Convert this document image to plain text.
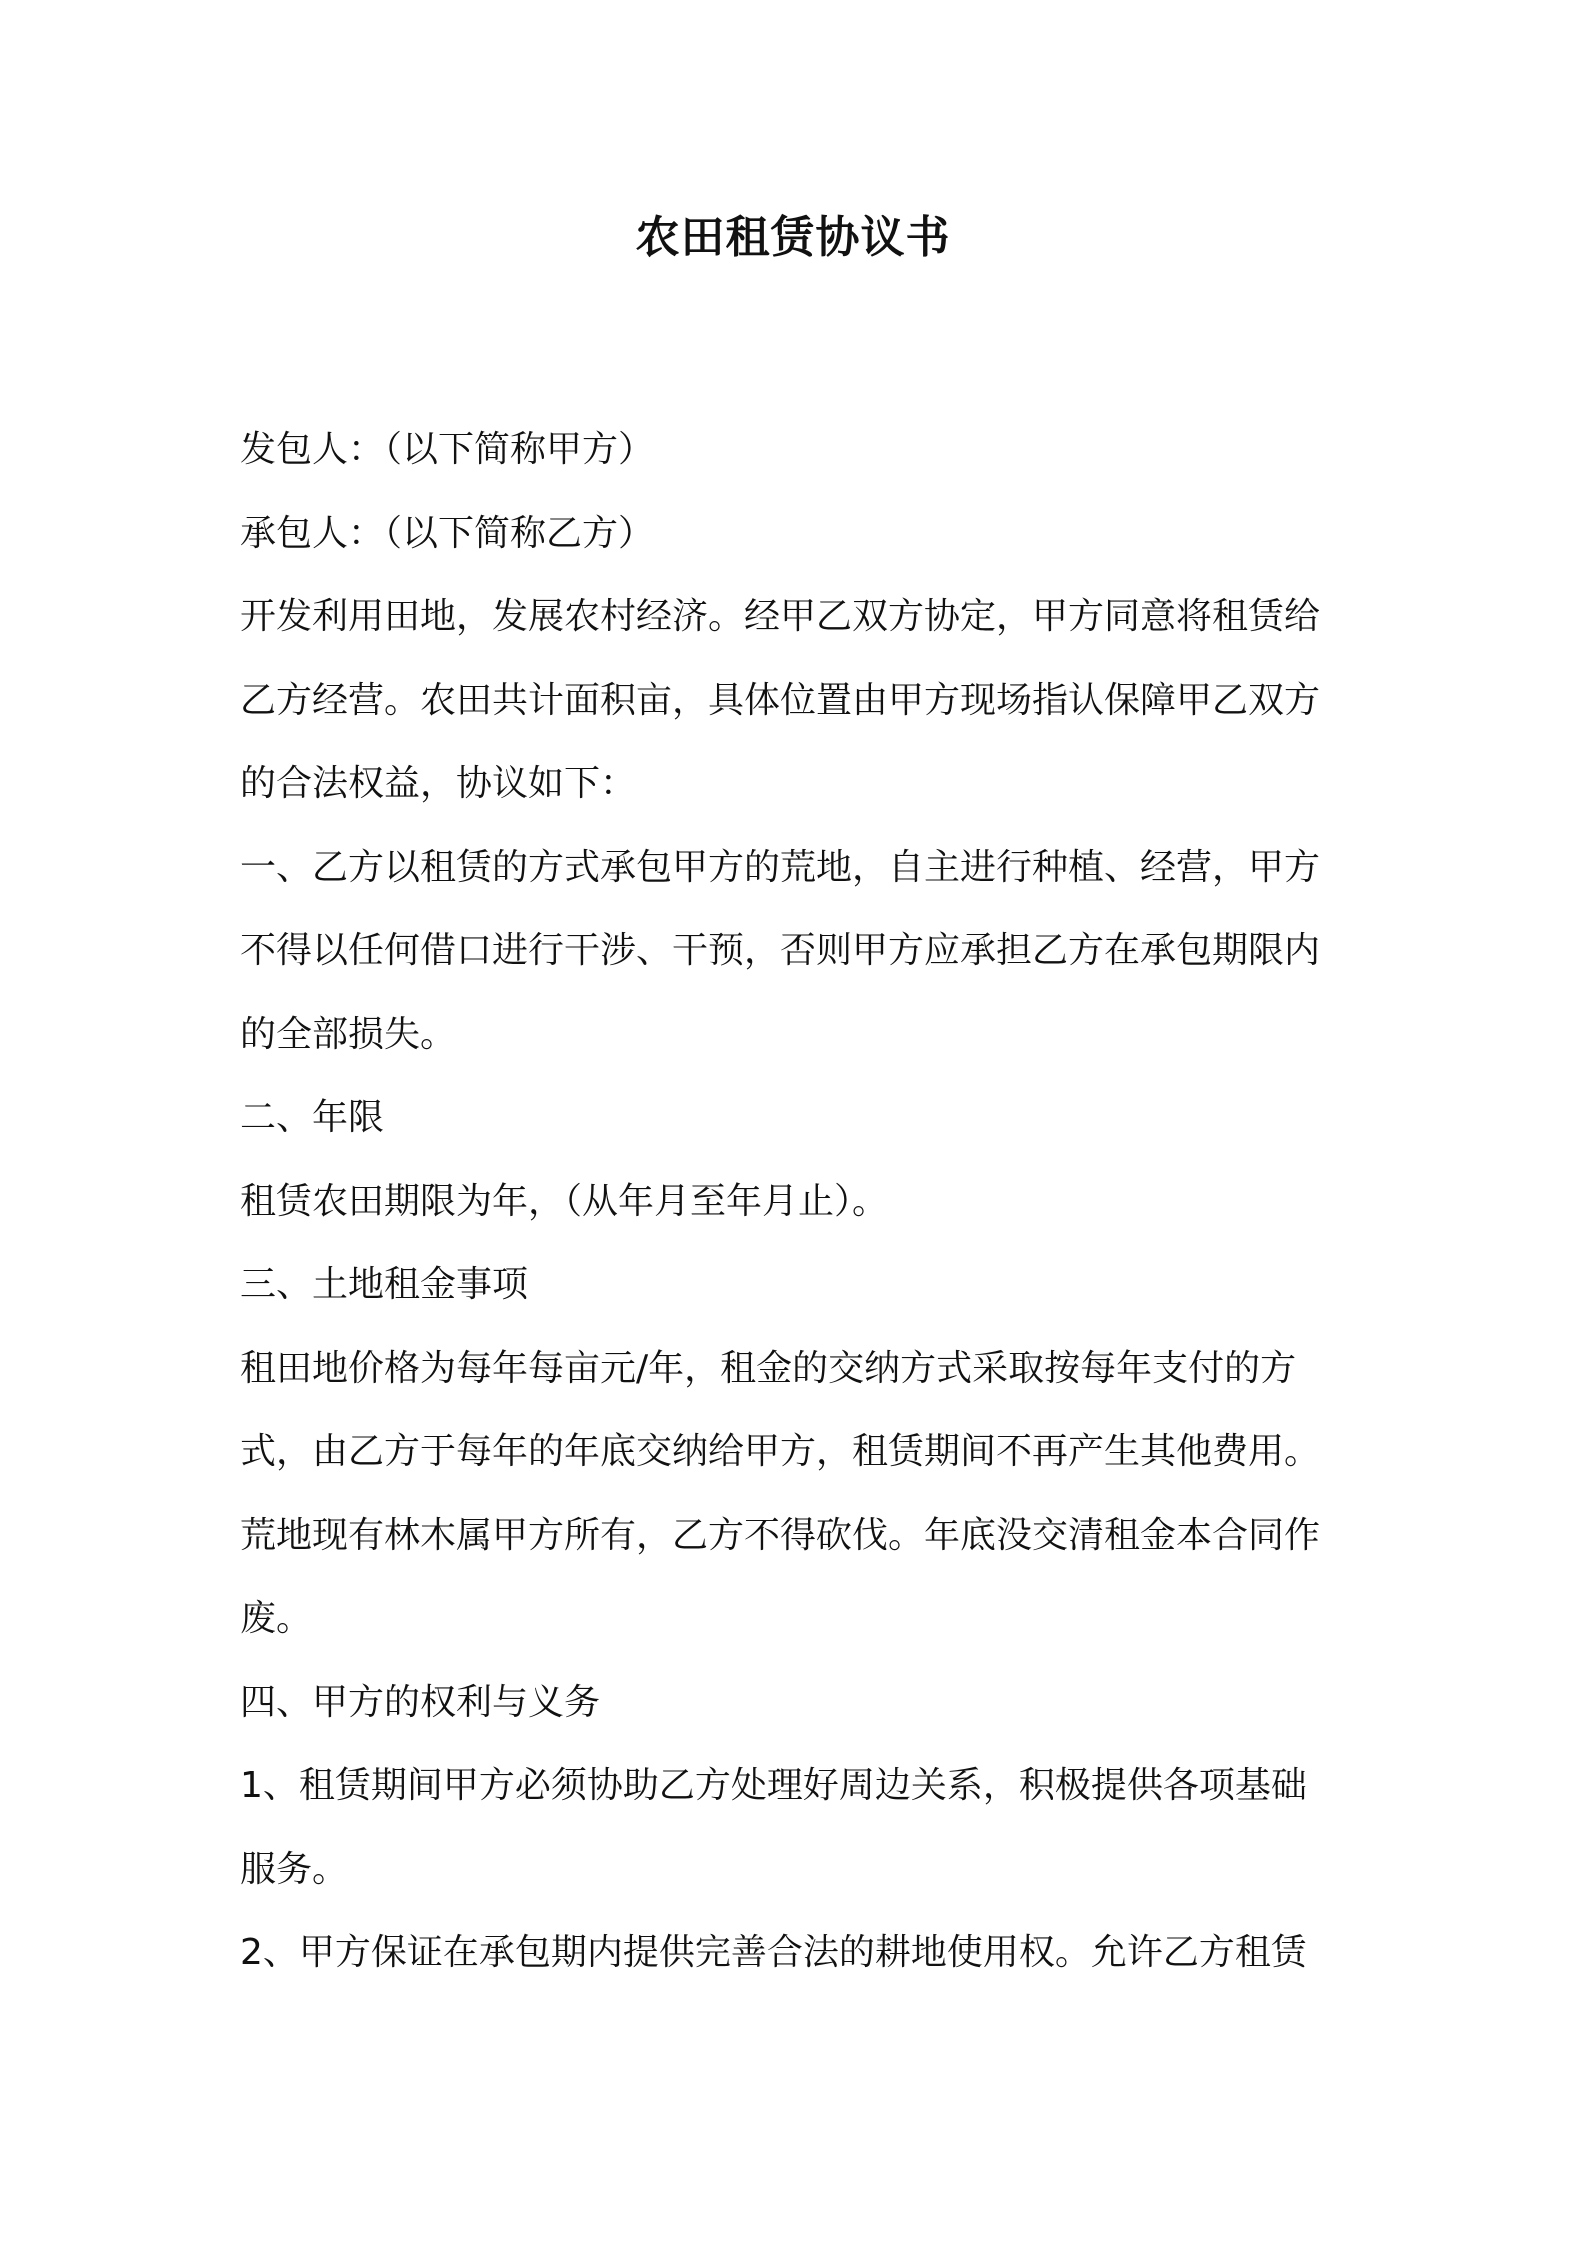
农田租赁协议书
发包人：（以下简称甲方）
承包人：（以下简称乙方）
开发利用田地，发展农村经济。经甲乙双方协定，甲方同意将租赁给
乙方经营。农田共计面积亩，具体位置由甲方现场指认保障甲乙双方
的合法权益，协议如下：
一、乙方以租赁的方式承包甲方的荒地，自主进行种植、经营，甲方
不得以任何借口进行干涉、干预，否则甲方应承担乙方在承包期限内
的全部损失。
二、年限
租赁农田期限为年，（从年月至年月止）。
三、土地租金事项
租田地价格为每年每亩元/年，租金的交纳方式采取按每年支付的方
式，由乙方于每年的年底交纳给甲方，租赁期间不再产生其他费用。
荒地现有林木属甲方所有，乙方不得砍伐。年底没交清租金本合同作
废。
四、甲方的权利与义务
1、租赁期间甲方必须协助乙方处理好周边关系，积极提供各项基础
服务。
2、甲方保证在承包期内提供完善合法的耕地使用权。允许乙方租赁
